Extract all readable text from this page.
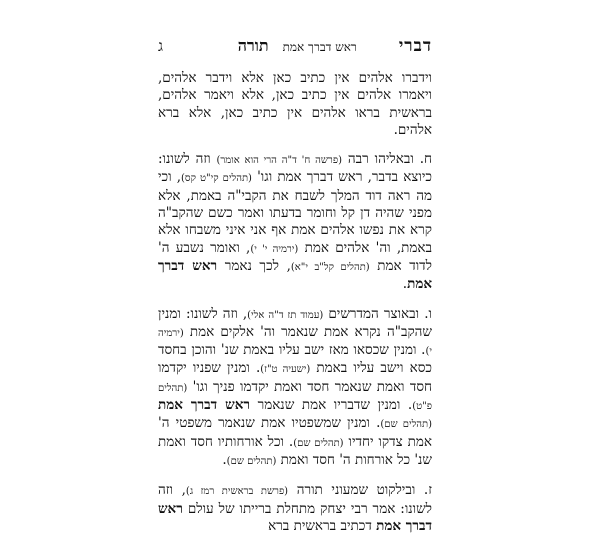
דברי
ראש דברך אמת
תורה
ג

וידברו אלהים אין כתיב כאן אלא וידבר אלהים, ויאמרו אלהים אין כתיב כאן, אלא ויאמר אלהים, בראשית בראו אלהים אין כתיב כאן, אלא ברא אלהים.

ח. ובאליהו רבה (פרשה ח' ד"ה הרי הוא אומר) וזה לשונו: כיוצא בדבר, ראש דברך אמת וגו' (תהלים קי"ט קס), וכי מה ראה דוד המלך לשבח את הקבי"ה באמת, אלא מפני שהיה דן קל וחומר בדעתו ואמר כשם שהקב"ה קרא את נפשו אלהים אמת אף אני איני משבחו אלא באמת, וה' אלהים אמת (ירמיה י' י), ואומר נשבע ה' לדוד אמת (תהלים קל"ב י"א), לכך נאמר ראש דברך אמת.

ו. ובאוצר המדרשים (עמוד תז ד"ה אלי), וזה לשונו: ומנין שהקב"ה נקרא אמת שנאמר וה' אלקים אמת (ירמיה י). ומנין שכסאו מאז ישב עליו באמת שנ' והוכן בחסד כסא וישב עליו באמת (ישעיה ט"ז). ומנין שפניו יקדמו חסד ואמת שנאמר חסד ואמת יקדמו פניך וגו' (תהלים פ"ט). ומנין שדבריו אמת שנאמר ראש דברך אמת (תהלים שם). ומנין שמשפטיו אמת שנאמר משפטי ה' אמת צדקו יחדיו (תהלים שם). וכל אורחותיו חסד ואמת שנ' כל אורחות ה' חסד ואמת (תהלים שם).

ז. ובילקוט שמעוני תורה (פרשת בראשית רמז ג), וזה לשונו: אמר רבי יצחק מתחלת ברייתו של עולם ראש דברך אמת דכתיב בראשית ברא
